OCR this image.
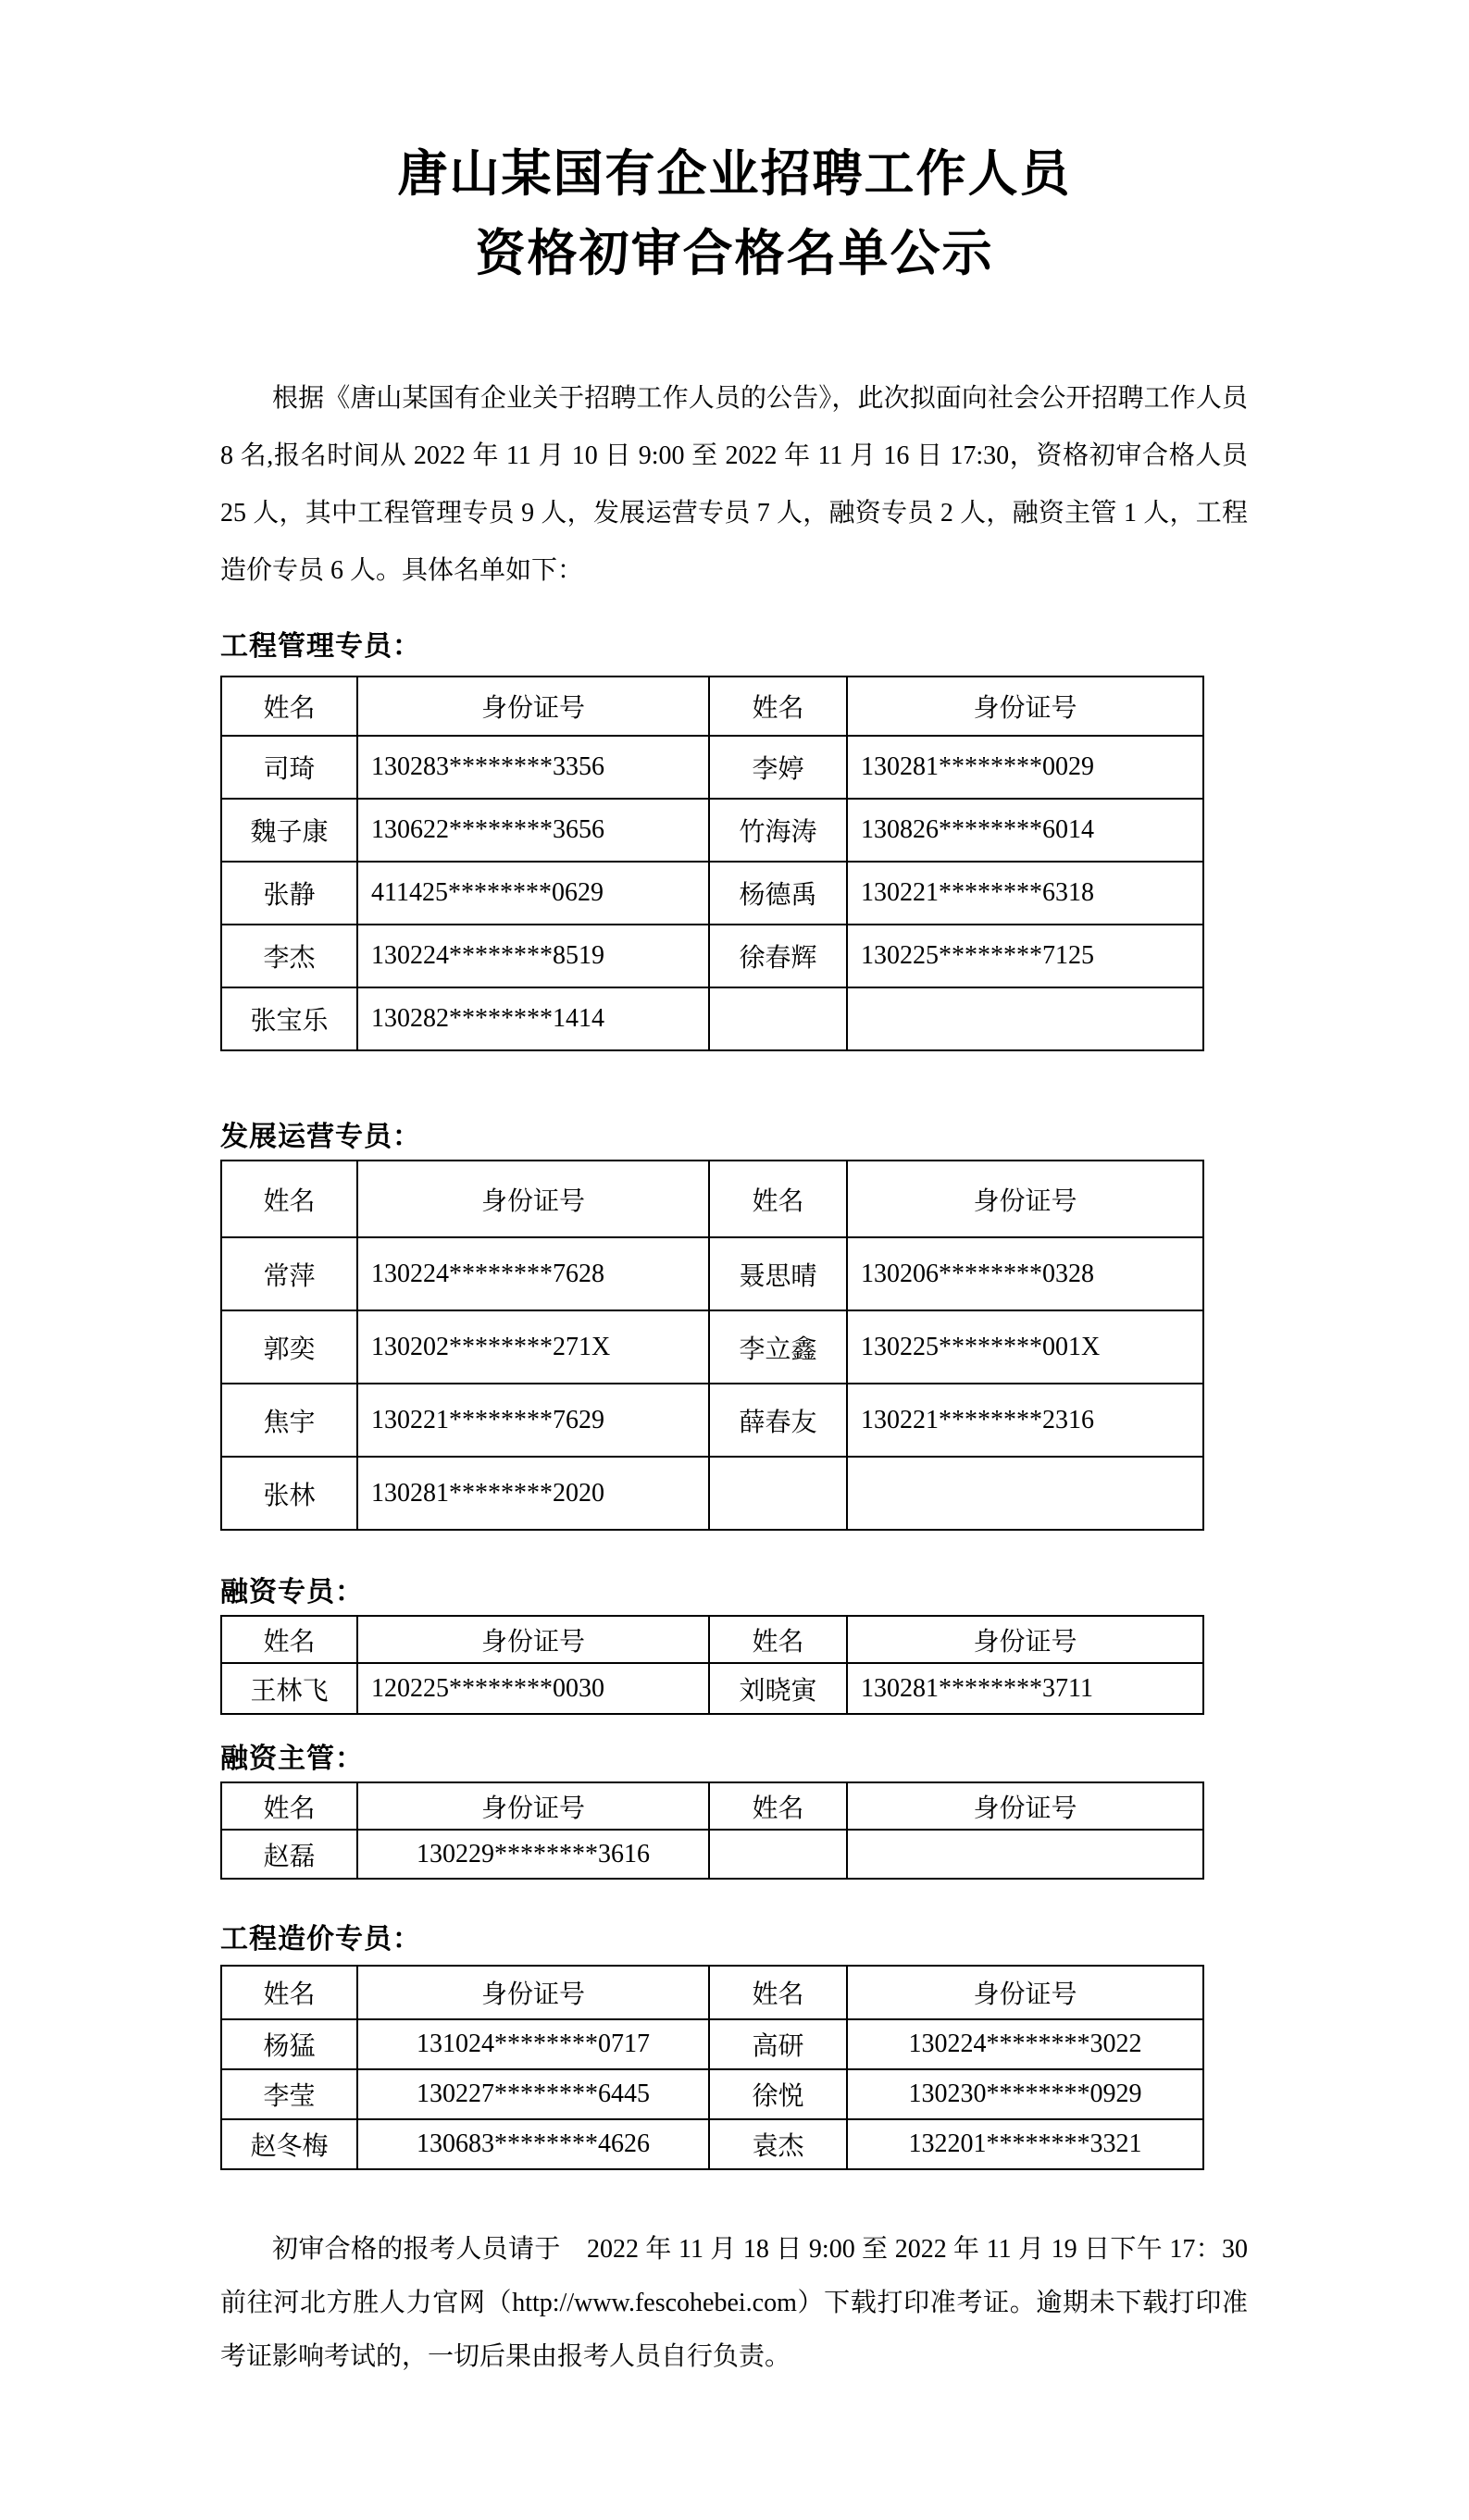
唐山某国有企业招聘工作人员
资格初审合格名单公示

根据《唐山某国有企业关于招聘工作人员的公告》，此次拟面向社会公开招聘工作人员 8 名,报名时间从 2022 年 11 月 10 日 9:00 至 2022 年 11 月 16 日 17:30，资格初审合格人员 25 人，其中工程管理专员 9 人，发展运营专员 7 人，融资专员 2 人，融资主管 1 人，工程造价专员 6 人。具体名单如下：

工程管理专员：
姓名	身份证号	姓名	身份证号
司琦	130283********3356	李婷	130281********0029
魏子康	130622********3656	竹海涛	130826********6014
张静	411425********0629	杨德禹	130221********6318
李杰	130224********8519	徐春辉	130225********7125
张宝乐	130282********1414		
发展运营专员：
姓名	身份证号	姓名	身份证号
常萍	130224********7628	聂思晴	130206********0328
郭奕	130202********271X	李立鑫	130225********001X
焦宇	130221********7629	薛春友	130221********2316
张林	130281********2020		
融资专员：
姓名	身份证号	姓名	身份证号
王林飞	120225********0030	刘晓寅	130281********3711
融资主管：
姓名	身份证号	姓名	身份证号
赵磊	130229********3616		
工程造价专员：
姓名	身份证号	姓名	身份证号
杨猛	131024********0717	高研	130224********3022
李莹	130227********6445	徐悦	130230********0929
赵冬梅	130683********4626	袁杰	132201********3321

初审合格的报考人员请于　2022 年 11 月 18 日 9:00 至 2022 年 11 月 19 日下午 17：30 前往河北方胜人力官网（http://www.fescohebei.com）下载打印准考证。逾期未下载打印准考证影响考试的，一切后果由报考人员自行负责。
